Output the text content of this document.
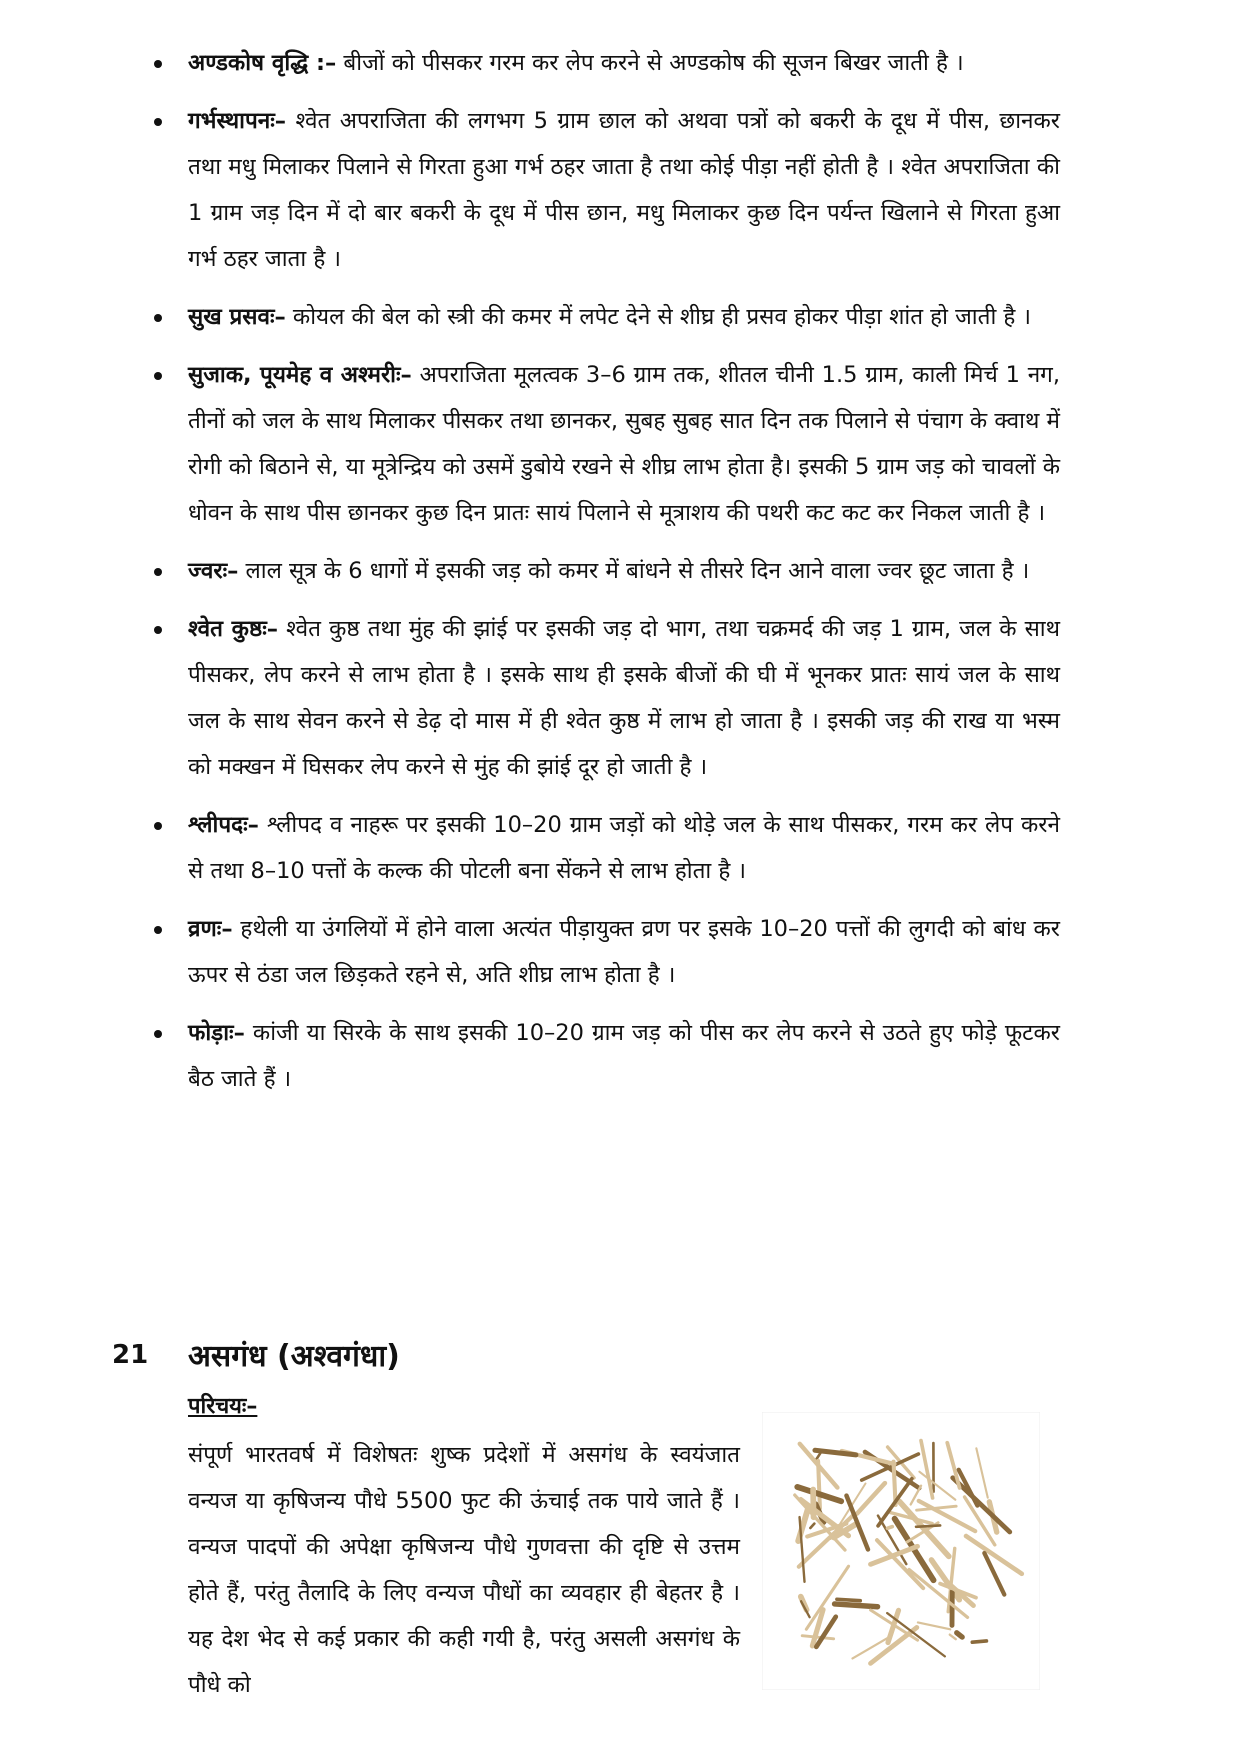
अण्डकोष वृद्धि :– बीजों को पीसकर गरम कर लेप करने से अण्डकोष की सूजन बिखर जाती है ।
गर्भस्थापनः– श्वेत अपराजिता की लगभग 5 ग्राम छाल को अथवा पत्रों को बकरी के दूध में पीस, छानकर तथा मधु मिलाकर पिलाने से गिरता हुआ गर्भ ठहर जाता है तथा कोई पीड़ा नहीं होती है । श्वेत अपराजिता की 1 ग्राम जड़ दिन में दो बार बकरी के दूध में पीस छान, मधु मिलाकर कुछ दिन पर्यन्त खिलाने से गिरता हुआ गर्भ ठहर जाता है ।
सुख प्रसवः– कोयल की बेल को स्त्री की कमर में लपेट देने से शीघ्र ही प्रसव होकर पीड़ा शांत हो जाती है ।
सुजाक, पूयमेह व अश्मरीः– अपराजिता मूलत्वक 3–6 ग्राम तक, शीतल चीनी 1.5 ग्राम, काली मिर्च 1 नग, तीनों को जल के साथ मिलाकर पीसकर तथा छानकर, सुबह सुबह सात दिन तक पिलाने से पंचाग के क्वाथ में रोगी को बिठाने से, या मूत्रेन्द्रिय को उसमें डुबोये रखने से शीघ्र लाभ होता है। इसकी 5 ग्राम जड़ को चावलों के धोवन के साथ पीस छानकर कुछ दिन प्रातः सायं पिलाने से मूत्राशय की पथरी कट कट कर निकल जाती है ।
ज्वरः– लाल सूत्र के 6 धागों में इसकी जड़ को कमर में बांधने से तीसरे दिन आने वाला ज्वर छूट जाता है ।
श्वेत कुष्ठः– श्वेत कुष्ठ तथा मुंह की झांई पर इसकी जड़ दो भाग, तथा चक्रमर्द की जड़ 1 ग्राम, जल के साथ पीसकर, लेप करने से लाभ होता है । इसके साथ ही इसके बीजों की घी में भूनकर प्रातः सायं जल के साथ जल के साथ सेवन करने से डेढ़ दो मास में ही श्वेत कुष्ठ में लाभ हो जाता है । इसकी जड़ की राख या भस्म को मक्खन में घिसकर लेप करने से मुंह की झांई दूर हो जाती है ।
श्लीपदः– श्लीपद व नाहरू पर इसकी 10–20 ग्राम जड़ों को थोड़े जल के साथ पीसकर, गरम कर लेप करने से तथा 8–10 पत्तों के कल्क की पोटली बना सेंकने से लाभ होता है ।
व्रणः– हथेली या उंगलियों में होने वाला अत्यंत पीड़ायुक्त व्रण पर इसके 10–20 पत्तों की लुगदी को बांध कर ऊपर से ठंडा जल छिड़कते रहने से, अति शीघ्र लाभ होता है ।
फोड़ाः– कांजी या सिरके के साथ इसकी 10–20 ग्राम जड़ को पीस कर लेप करने से उठते हुए फोड़े फूटकर बैठ जाते हैं ।
21 असगंध (अश्वगंधा)
परिचयः–
संपूर्ण भारतवर्ष में विशेषतः शुष्क प्रदेशों में असगंध के स्वयंजात वन्यज या कृषिजन्य पौधे 5500 फुट की ऊंचाई तक पाये जाते हैं । वन्यज पादपों की अपेक्षा कृषिजन्य पौधे गुणवत्ता की दृष्टि से उत्तम होते हैं, परंतु तैलादि के लिए वन्यज पौधों का व्यवहार ही बेहतर है । यह देश भेद से कई प्रकार की कही गयी है, परंतु असली असगंध के पौधे को
